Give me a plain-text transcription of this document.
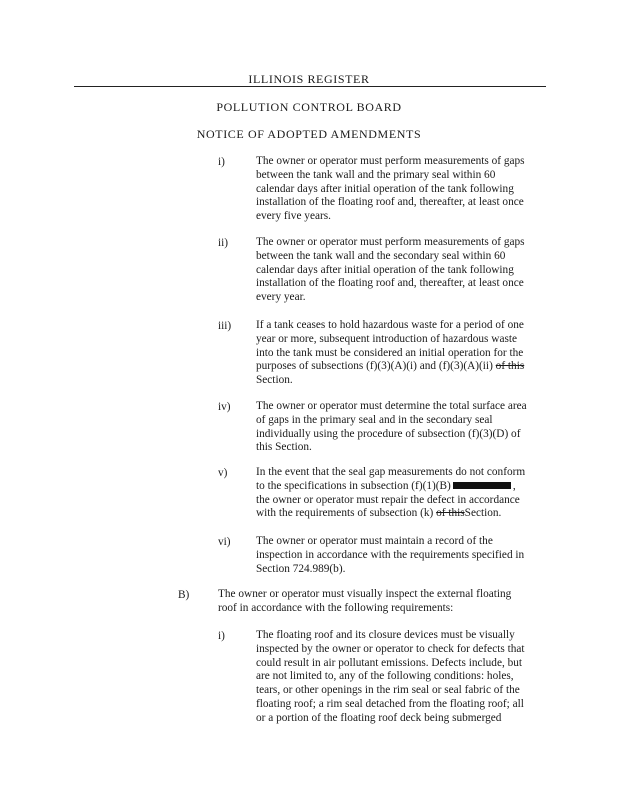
ILLINOIS REGISTER
POLLUTION CONTROL BOARD
NOTICE OF ADOPTED AMENDMENTS
i)	The owner or operator must perform measurements of gaps
between the tank wall and the primary seal within 60
calendar days after initial operation of the tank following
installation of the floating roof and, thereafter, at least once
every five years.
ii) The owner or operator must perform measurements of gaps
between the tank wall and the secondary seal within 60
calendar days after initial operation of the tank following
installation of the floating roof and, thereafter, at least once
every year.
iii) If a tank ceases to hold hazardous waste for a period of one
year or more, subsequent introduction of hazardous waste
into the tank must be considered an initial operation for the
purposes of subsections (f)(3)(A)(i) and (f)(3)(A)(ii) of this
Section.
iv) The owner or operator must determine the total surface area
of gaps in the primary seal and in the secondary seal
individually using the procedure of subsection (f)(3)(D) of
this Section.
v)	In the event that the seal gap measurements do not conform
to the specifications in subsection (f)(1)(B)	,
the owner or operator must repair the defect in accordance
with the requirements of subsection (k) of thisSection.
vi) The owner or operator must maintain a record of the
inspection in accordance with the requirements specified in
Section 724.989(b).
B)	The owner or operator must visually inspect the external floating
roof in accordance with the following requirements:
i)	The floating roof and its closure devices must be visually
inspected by the owner or operator to check for defects that
could result in air pollutant emissions. Defects include, but
are not limited to, any of the following conditions: holes,
tears, or other openings in the rim seal or seal fabric of the
floating roof; a rim seal detached from the floating roof; all
or a portion of the floating roof deck being submerged
